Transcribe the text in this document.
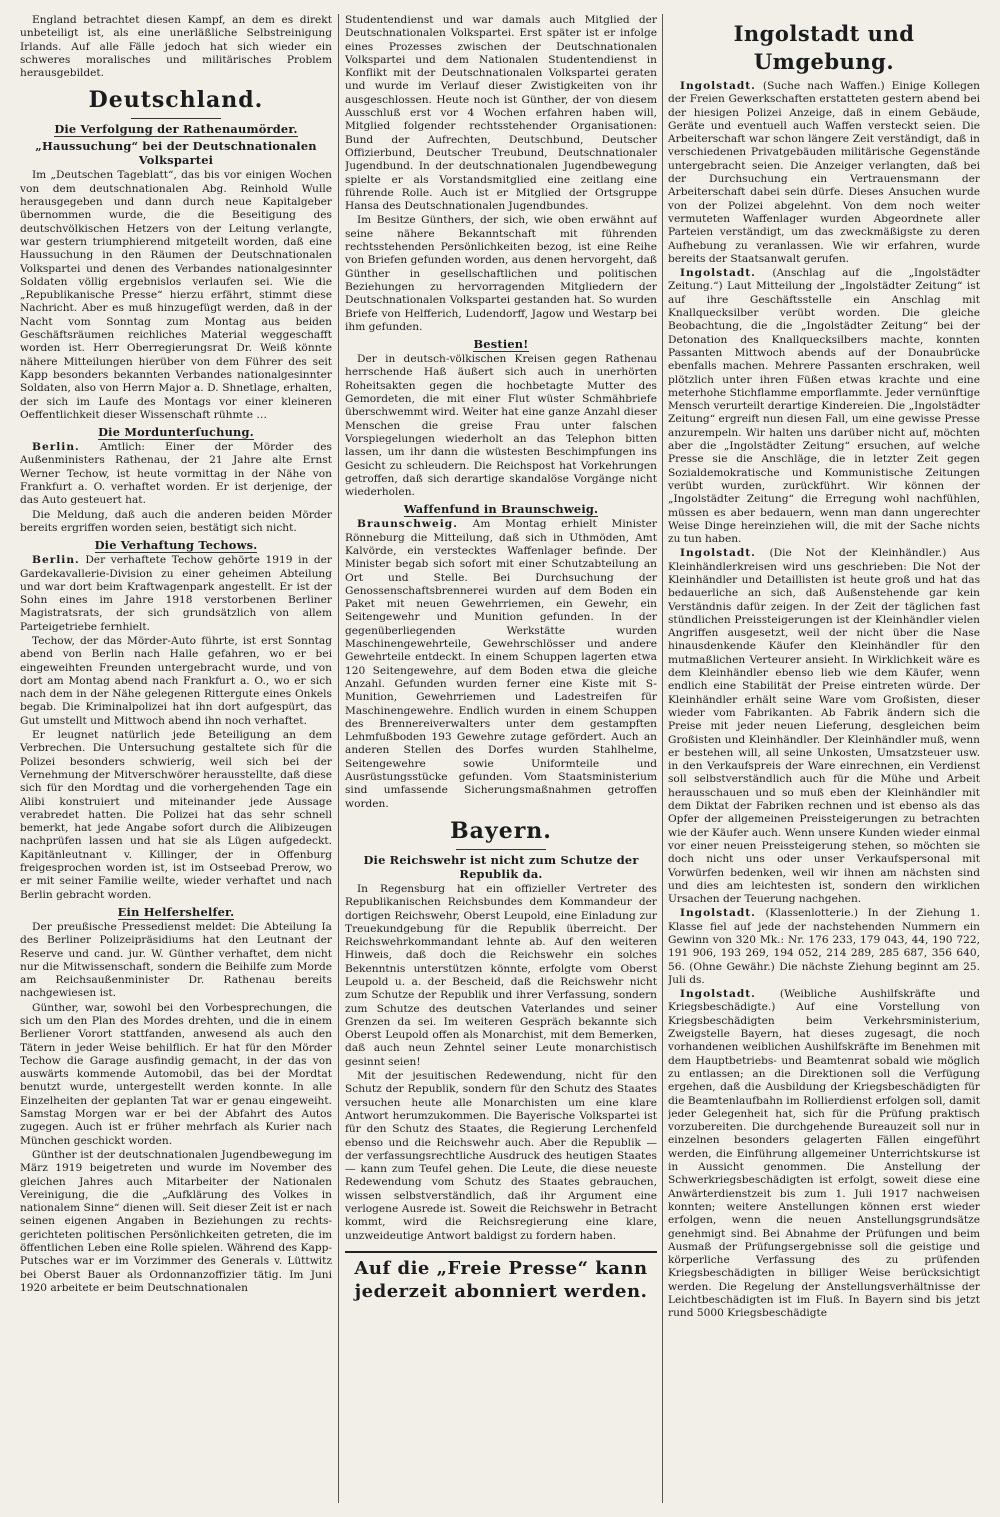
England betrachtet diesen Kampf, an dem es direkt unbeteiligt ist, als eine unerläßliche Selbstreinigung Irlands. Auf alle Fälle jedoch hat sich wieder ein schweres moralisches und militärisches Problem herausgebildet.

Deutschland.
Die Verfolgung der Rathenaumörder.
„Haussuchung“ bei der Deutschnationalen Volkspartei

Im „Deutschen Tageblatt“, das bis vor einigen Wochen von dem deutschnationalen Abg. Reinhold Wulle herausgegeben und dann durch neue Kapitalgeber übernommen wurde, die die Beseitigung des deutschvölkischen Hetzers von der Leitung verlangte, war gestern triumphierend mitgeteilt worden, daß eine Haussuchung in den Räumen der Deutschnationalen Volkspartei und denen des Verbandes nationalgesinnter Soldaten völlig ergebnislos verlaufen sei. Wie die „Republikanische Presse“ hierzu erfährt, stimmt diese Nachricht. Aber es muß hinzugefügt werden, daß in der Nacht vom Sonntag zum Montag aus beiden Geschäftsräumen reichliches Material weggeschafft worden ist. Herr Oberregierungsrat Dr. Weiß könnte nähere Mitteilungen hierüber von dem Führer des seit Kapp besonders bekannten Verbandes nationalgesinnter Soldaten, also von Herrn Major a. D. Shnetlage, erhalten, der sich im Laufe des Montags vor einer kleineren Oeffentlichkeit dieser Wissenschaft rühmte …

Die Mordunterſuchung.

Berlin. Amtlich: Einer der Mörder des Außenministers Rathenau, der 21 Jahre alte Ernst Werner Techow, ist heute vormittag in der Nähe von Frankfurt a. O. verhaftet worden. Er ist derjenige, der das Auto gesteuert hat.

Die Meldung, daß auch die anderen beiden Mörder bereits ergriffen worden seien, bestätigt sich nicht.

Die Verhaftung Techows.

Berlin. Der verhaftete Techow gehörte 1919 in der Gardekavallerie-Division zu einer geheimen Abteilung und war dort beim Kraftwagenpark angestellt. Er ist der Sohn eines im Jahre 1918 verstorbenen Berliner Magistratsrats, der sich grundsätzlich von allem Parteigetriebe fernhielt.

Techow, der das Mörder-Auto führte, ist erst Sonntag abend von Berlin nach Halle gefahren, wo er bei eingeweihten Freunden untergebracht wurde, und von dort am Montag abend nach Frankfurt a. O., wo er sich nach dem in der Nähe gelegenen Rittergute eines Onkels begab. Die Kriminalpolizei hat ihn dort aufgespürt, das Gut umstellt und Mittwoch abend ihn noch verhaftet.

Er leugnet natürlich jede Beteiligung an dem Verbrechen. Die Untersuchung gestaltete sich für die Polizei besonders schwierig, weil sich bei der Vernehmung der Mitverschwörer herausstellte, daß diese sich für den Mordtag und die vorhergehenden Tage ein Alibi konstruiert und miteinander jede Aussage verabredet hatten. Die Polizei hat das sehr schnell bemerkt, hat jede Angabe sofort durch die Alibizeugen nachprüfen lassen und hat sie als Lügen aufgedeckt. Kapitänleutnant v. Killinger, der in Offenburg freigesprochen worden ist, ist im Ostseebad Prerow, wo er mit seiner Familie weilte, wieder verhaftet und nach Berlin gebracht worden.

Ein Helfershelfer.

Der preußische Pressedienst meldet: Die Abteilung Ia des Berliner Polizeipräsidiums hat den Leutnant der Reserve und cand. jur. W. Günther verhaftet, dem nicht nur die Mitwissenschaft, sondern die Beihilfe zum Morde am Reichsaußenminister Dr. Rathenau bereits nachgewiesen ist.

Günther, war, sowohl bei den Vorbesprechungen, die sich um den Plan des Mordes drehten, und die in einem Berliener Vorort stattfanden, anwesend als auch den Tätern in jeder Weise behilflich. Er hat für den Mörder Techow die Garage ausfindig gemacht, in der das von auswärts kommende Automobil, das bei der Mordtat benutzt wurde, untergestellt werden konnte. In alle Einzelheiten der geplanten Tat war er genau eingeweiht. Samstag Morgen war er bei der Abfahrt des Autos zugegen. Auch ist er früher mehrfach als Kurier nach München geschickt worden.

Günther ist der deutschnationalen Jugendbewegung im März 1919 beigetreten und wurde im November des gleichen Jahres auch Mitarbeiter der Nationalen Vereinigung, die die „Aufklärung des Volkes in nationalem Sinne“ dienen will. Seit dieser Zeit ist er nach seinen eigenen Angaben in Beziehungen zu rechts-gerichteten politischen Persönlichkeiten getreten, die im öffentlichen Leben eine Rolle spielen. Während des Kapp-Putsches war er im Vorzimmer des Generals v. Lüttwitz bei Oberst Bauer als Ordonnanzoffizier tätig. Im Juni 1920 arbeitete er beim Deutschnationalen

Studentendienst und war damals auch Mitglied der Deutschnationalen Volkspartei. Erst später ist er infolge eines Prozesses zwischen der Deutschnationalen Volkspartei und dem Nationalen Studentendienst in Konflikt mit der Deutschnationalen Volkspartei geraten und wurde im Verlauf dieser Zwistigkeiten von ihr ausgeschlossen. Heute noch ist Günther, der von diesem Ausschluß erst vor 4 Wochen erfahren haben will, Mitglied folgender rechtsstehender Organisationen: Bund der Aufrechten, Deutschbund, Deutscher Offizierbund, Deutscher Treubund, Deutschnationaler Jugendbund. In der deutschnationalen Jugendbewegung spielte er als Vorstandsmitglied eine zeitlang eine führende Rolle. Auch ist er Mitglied der Ortsgruppe Hansa des Deutschnationalen Jugendbundes.

Im Besitze Günthers, der sich, wie oben erwähnt auf seine nähere Bekanntschaft mit führenden rechtsstehenden Persönlichkeiten bezog, ist eine Reihe von Briefen gefunden worden, aus denen hervorgeht, daß Günther in gesellschaftlichen und politischen Beziehungen zu hervorragenden Mitgliedern der Deutschnationalen Volkspartei gestanden hat. So wurden Briefe von Helfferich, Ludendorff, Jagow und Westarp bei ihm gefunden.

Bestien!

Der in deutsch-völkischen Kreisen gegen Rathenau herrschende Haß äußert sich auch in unerhörten Roheitsakten gegen die hochbetagte Mutter des Gemordeten, die mit einer Flut wüster Schmähbriefe überschwemmt wird. Weiter hat eine ganze Anzahl dieser Menschen die greise Frau unter falschen Vorspiegelungen wiederholt an das Telephon bitten lassen, um ihr dann die wüstesten Beschimpfungen ins Gesicht zu schleudern. Die Reichspost hat Vorkehrungen getroffen, daß sich derartige skandalöse Vorgänge nicht wiederholen.

Waffenfund in Braunschweig.

Braunschweig. Am Montag erhielt Minister Rönneburg die Mitteilung, daß sich in Uthmöden, Amt Kalvörde, ein verstecktes Waffenlager befinde. Der Minister begab sich sofort mit einer Schutzabteilung an Ort und Stelle. Bei Durchsuchung der Genossenschaftsbrennerei wurden auf dem Boden ein Paket mit neuen Gewehrriemen, ein Gewehr, ein Seitengewehr und Munition gefunden. In der gegenüberliegenden Werkstätte wurden Maschinengewehrteile, Gewehrschlösser und andere Gewehrteile entdeckt. In einem Schuppen lagerten etwa 120 Seitengewehre, auf dem Boden etwa die gleiche Anzahl. Gefunden wurden ferner eine Kiste mit S-Munition, Gewehrriemen und Ladestreifen für Maschinengewehre. Endlich wurden in einem Schuppen des Brennereiverwalters unter dem gestampften Lehmfußboden 193 Gewehre zutage gefördert. Auch an anderen Stellen des Dorfes wurden Stahlhelme, Seitengewehre sowie Uniformteile und Ausrüstungsstücke gefunden. Vom Staatsministerium sind umfassende Sicherungsmaßnahmen getroffen worden.

Bayern.
Die Reichswehr ist nicht zum Schutze der Republik da.

In Regensburg hat ein offizieller Vertreter des Republikanischen Reichsbundes dem Kommandeur der dortigen Reichswehr, Oberst Leupold, eine Einladung zur Treuekundgebung für die Republik überreicht. Der Reichswehrkommandant lehnte ab. Auf den weiteren Hinweis, daß doch die Reichswehr ein solches Bekenntnis unterstützen könnte, erfolgte vom Oberst Leupold u. a. der Bescheid, daß die Reichswehr nicht zum Schutze der Republik und ihrer Verfassung, sondern zum Schutze des deutschen Vaterlandes und seiner Grenzen da sei. Im weiteren Gespräch bekannte sich Oberst Leupold offen als Monarchist, mit dem Bemerken, daß auch neun Zehntel seiner Leute monarchistisch gesinnt seien!

Mit der jesuitischen Redewendung, nicht für den Schutz der Republik, sondern für den Schutz des Staates versuchen heute alle Monarchisten um eine klare Antwort herumzukommen. Die Bayerische Volkspartei ist für den Schutz des Staates, die Regierung Lerchenfeld ebenso und die Reichswehr auch. Aber die Republik — der verfassungsrechtliche Ausdruck des heutigen Staates — kann zum Teufel gehen. Die Leute, die diese neueste Redewendung vom Schutz des Staates gebrauchen, wissen selbstverständlich, daß ihr Argument eine verlogene Ausrede ist. Soweit die Reichswehr in Betracht kommt, wird die Reichsregierung eine klare, unzweideutige Antwort baldigst zu fordern haben.

Auf die „Freie Presse“ kann jederzeit abonniert werden.
Ingolstadt und Umgebung.

Ingolstadt. (Suche nach Waffen.) Einige Kollegen der Freien Gewerkschaften erstatteten gestern abend bei der hiesigen Polizei Anzeige, daß in einem Gebäude, Geräte und eventuell auch Waffen versteckt seien. Die Arbeiterschaft war schon längere Zeit verständigt, daß in verschiedenen Privatgebäuden militärische Gegenstände untergebracht seien. Die Anzeiger verlangten, daß bei der Durchsuchung ein Vertrauensmann der Arbeiterschaft dabei sein dürfe. Dieses Ansuchen wurde von der Polizei abgelehnt. Von dem noch weiter vermuteten Waffenlager wurden Abgeordnete aller Parteien verständigt, um das zweckmäßigste zu deren Aufhebung zu veranlassen. Wie wir erfahren, wurde bereits der Staatsanwalt gerufen.

Ingolstadt. (Anschlag auf die „Ingolstädter Zeitung.“) Laut Mitteilung der „Ingolstädter Zeitung“ ist auf ihre Geschäftsstelle ein Anschlag mit Knallquecksilber verübt worden. Die gleiche Beobachtung, die die „Ingolstädter Zeitung“ bei der Detonation des Knallquecksilbers machte, konnten Passanten Mittwoch abends auf der Donaubrücke ebenfalls machen. Mehrere Passanten erschraken, weil plötzlich unter ihren Füßen etwas krachte und eine meterhohe Stichflamme emporflammte. Jeder vernünftige Mensch verurteilt derartige Kindereien. Die „Ingolstädter Zeitung“ ergreift nun diesen Fall, um eine gewisse Presse anzurempeln. Wir halten uns darüber nicht auf, möchten aber die „Ingolstädter Zeitung“ ersuchen, auf welche Presse sie die Anschläge, die in letzter Zeit gegen Sozialdemokratische und Kommunistische Zeitungen verübt wurden, zurückführt. Wir können der „Ingolstädter Zeitung“ die Erregung wohl nachfühlen, müssen es aber bedauern, wenn man dann ungerechter Weise Dinge hereinziehen will, die mit der Sache nichts zu tun haben.

Ingolstadt. (Die Not der Kleinhändler.) Aus Kleinhändlerkreisen wird uns geschrieben: Die Not der Kleinhändler und Detaillisten ist heute groß und hat das bedauerliche an sich, daß Außenstehende gar kein Verständnis dafür zeigen. In der Zeit der täglichen fast stündlichen Preissteigerungen ist der Kleinhändler vielen Angriffen ausgesetzt, weil der nicht über die Nase hinausdenkende Käufer den Kleinhändler für den mutmaßlichen Verteurer ansieht. In Wirklichkeit wäre es dem Kleinhändler ebenso lieb wie dem Käufer, wenn endlich eine Stabilität der Preise eintreten würde. Der Kleinhändler erhält seine Ware vom Großisten, dieser wieder vom Fabrikanten. Ab Fabrik ändern sich die Preise mit jeder neuen Lieferung, desgleichen beim Großisten und Kleinhändler. Der Kleinhändler muß, wenn er bestehen will, all seine Unkosten, Umsatzsteuer usw. in den Verkaufspreis der Ware einrechnen, ein Verdienst soll selbstverständlich auch für die Mühe und Arbeit herausschauen und so muß eben der Kleinhändler mit dem Diktat der Fabriken rechnen und ist ebenso als das Opfer der allgemeinen Preissteigerungen zu betrachten wie der Käufer auch. Wenn unsere Kunden wieder einmal vor einer neuen Preissteigerung stehen, so möchten sie doch nicht uns oder unser Verkaufspersonal mit Vorwürfen bedenken, weil wir ihnen am nächsten sind und dies am leichtesten ist, sondern den wirklichen Ursachen der Teuerung nachgehen.

Ingolstadt. (Klassenlotterie.) In der Ziehung 1. Klasse fiel auf jede der nachstehenden Nummern ein Gewinn von 320 Mk.: Nr. 176 233, 179 043, 44, 190 722, 191 906, 193 269, 194 052, 214 289, 285 687, 356 640, 56. (Ohne Gewähr.) Die nächste Ziehung beginnt am 25. Juli ds.

Ingolstadt. (Weibliche Aushilfskräfte und Kriegsbeschädigte.) Auf eine Vorstellung von Kriegsbeschädigten beim Verkehrsministerium, Zweigstelle Bayern, hat dieses zugesagt, die noch vorhandenen weiblichen Aushilfskräfte im Benehmen mit dem Hauptbetriebs- und Beamtenrat sobald wie möglich zu entlassen; an die Direktionen soll die Verfügung ergehen, daß die Ausbildung der Kriegsbeschädigten für die Beamtenlaufbahn im Rollierdienst erfolgen soll, damit jeder Gelegenheit hat, sich für die Prüfung praktisch vorzubereiten. Die durchgehende Bureauzeit soll nur in einzelnen besonders gelagerten Fällen eingeführt werden, die Einführung allgemeiner Unterrichtskurse ist in Aussicht genommen. Die Anstellung der Schwerkriegsbeschädigten ist erfolgt, soweit diese eine Anwärterdienstzeit bis zum 1. Juli 1917 nachweisen konnten; weitere Anstellungen können erst wieder erfolgen, wenn die neuen Anstellungsgrundsätze genehmigt sind. Bei Abnahme der Prüfungen und beim Ausmaß der Prüfungsergebnisse soll die geistige und körperliche Verfassung des zu prüfenden Kriegsbeschädigten in billiger Weise berücksichtigt werden. Die Regelung der Anstellungsverhältnisse der Leichtbeschädigten ist im Fluß. In Bayern sind bis jetzt rund 5000 Kriegsbeschädigte
